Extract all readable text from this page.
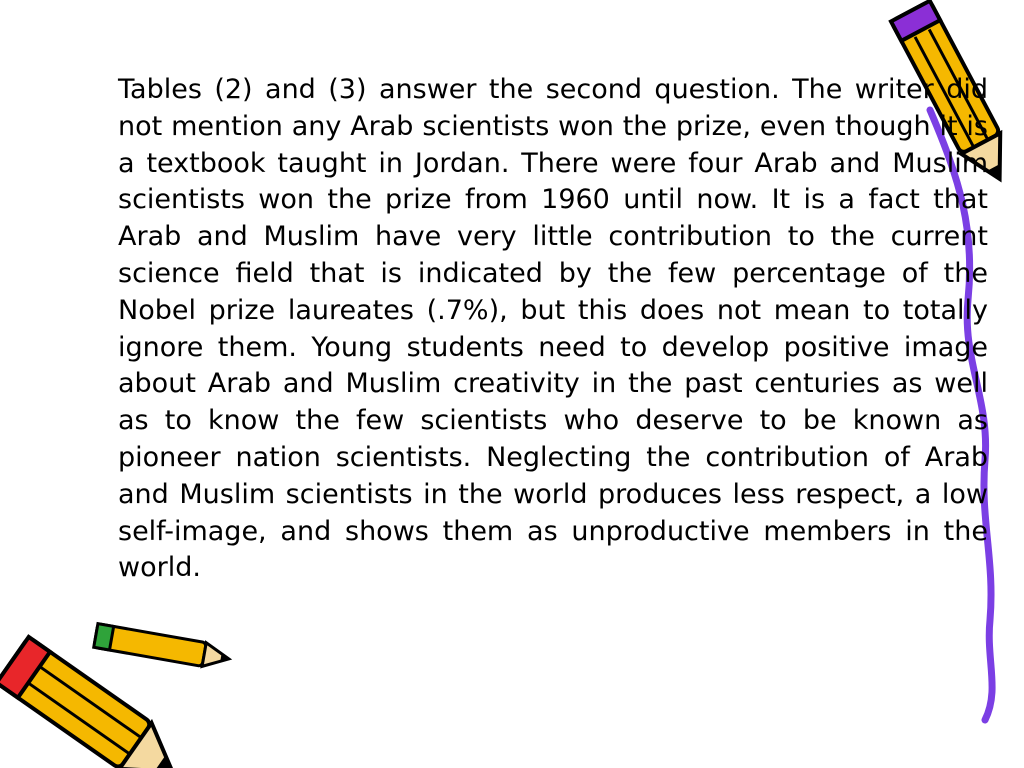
Tables (2) and (3) answer the second question. The writer did not mention any Arab scientists won the prize, even though it is a textbook taught in Jordan. There were four Arab and Muslim scientists won the prize from 1960 until now. It is a fact that Arab and Muslim have very little contribution to the current science field that is indicated by the few percentage of the Nobel prize laureates (.7%), but this does not mean to totally ignore them. Young students need to develop positive image about Arab and Muslim creativity in the past centuries as well as to know the few scientists who deserve to be known as pioneer nation scientists. Neglecting the contribution of Arab and Muslim scientists in the world produces less respect, a low self-image, and shows them as unproductive members in the world.
